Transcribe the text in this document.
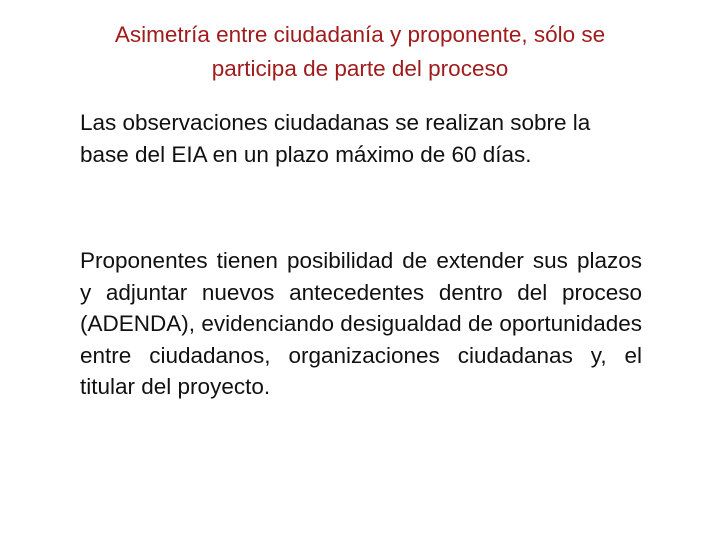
Asimetría entre ciudadanía y proponente, sólo se participa de parte del proceso

Las observaciones ciudadanas se realizan sobre la base del EIA en un plazo máximo de 60 días.

Proponentes tienen posibilidad de extender sus plazos y adjuntar nuevos antecedentes dentro del proceso (ADENDA), evidenciando desigualdad de oportunidades entre ciudadanos, organizaciones ciudadanas y, el titular del proyecto.
